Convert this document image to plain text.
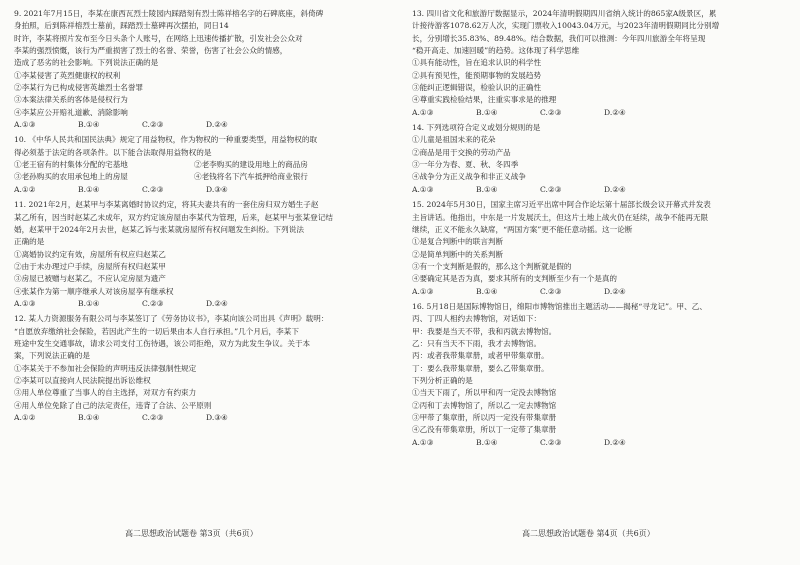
9. 2021年7月15日，李某在康西瓦烈士陵园内踩踏刻有烈士陈祥榕名字的石碑底座，斜倚碑

身拍照，后到陈祥榕烈士墓前，踩踏烈士墓碑再次摆拍，同日14

时许，李某将照片发布至今日头条个人账号，在网络上迅速传播扩散，引发社会公众对

李某的强烈愤慨，该行为严重损害了烈士的名誉、荣誉，伤害了社会公众的情感，

造成了恶劣的社会影响。下列说法正确的是

①李某侵害了英烈健康权的权利

②李某行为已构成侵害英雄烈士名誉罪

③本案法律关系的客体是侵权行为

④李某应公开赔礼道歉、消除影响

A.①③	B.①④	C.②③	D.②④

10. 《中华人民共和国民法典》规定了用益物权，作为物权的一种重要类型，用益物权的取

得必须基于法定的各项条件。以下能合法取得用益物权的是

①老王宿有的村集体分配的宅基地	②老李购买的建设用地上的商品房

③老孙购买的农用承包地上的房屋	④老钱将名下汽车抵押给商业银行

A.①②	B.①④	C.②③	D.③④

11. 2021年2月，赵某甲与李某离婚时协议约定，将其夫妻共有的一套住房归双方婚生子赵

某乙所有，因当时赵某乙未成年，双方约定该房屋由李某代为管理，后来，赵某甲与张某登记结

婚，赵某甲于2024年2月去世，赵某乙诉与张某就房屋所有权问题发生纠纷。下列说法

正确的是

①离婚协议约定有效，房屋所有权应归赵某乙

②由于未办理过户手续，房屋所有权归赵某甲

③房屋已被赠与赵某乙，不应认定房屋为遗产

④张某作为第一顺序继承人对该房屋享有继承权

A.①③	B.①④	C.②③	D.②④

12. 某人力资源服务有限公司与李某签订了《劳务协议书》，李某向该公司出具《声明》载明：

“自愿放弃缴纳社会保险，若因此产生的一切后果由本人自行承担。”几个月后，李某下

班途中发生交通事故，请求公司支付工伤待遇，该公司拒绝，双方为此发生争议。关于本

案，下列说法正确的是

①李某关于不参加社会保险的声明违反法律强制性规定

②李某可以直接向人民法院提出诉讼维权

③用人单位尊重了当事人的自主选择，对双方有约束力

④用人单位免除了自己的法定责任，违背了合法、公平原则

A.①②	B.①④	C.②③	D.③④

高二思想政治试题卷 第3页（共6页）

13. 四川省文化和旅游厅数据显示，2024年清明假期四川省纳入统计的865家A级景区，累

计接待游客1078.62万人次，实现门票收入10043.04万元，与2023年清明假期同比分别增

长，分别增长35.83%、89.48%。结合数据，我们可以推测：今年四川旅游全年将呈现

“稳开高走、加速回暖”的趋势。这体现了科学思维

①具有能动性，旨在追求认识的科学性

②具有预见性，能预期事物的发展趋势

③能纠正逻辑错误，检验认识的正确性

④尊重实践检验结果，注重实事求是的推理

A.①③	B.①④	C.②③	D.②④

14. 下列选项符合定义或划分规则的是

①儿童是祖国未来的花朵

②商品是用于交换的劳动产品

③一年分为春、夏、秋、冬四季

④战争分为正义战争和非正义战争

A.①③	B.①④	C.②③	D.②④

15. 2024年5月30日，国家主席习近平出席中阿合作论坛第十届部长级会议开幕式并发表

主旨讲话。他指出，中东是一片发展沃土，但这片土地上战火仍在延续，战争不能再无限

继续，正义不能永久缺席，“两国方案”更不能任意动摇。这一论断

①是复合判断中的联言判断

②是简单判断中的关系判断

③有一个支判断是假的，那么这个判断就是假的

④要确定其是否为真，要求其所有的支判断至少有一个是真的

A.①③	B.①④	C.②③	D.②④

16. 5月18日是国际博物馆日，绵阳市博物馆推出主题活动——揭秘“寻龙记”。甲、乙、

丙、丁四人相约去博物馆，对话如下：

甲：我要是当天不带，我和丙就去博物馆。

乙：只有当天不下雨，我才去博物馆。

丙：或者我带集章册，或者甲带集章册。

丁：要么我带集章册，要么乙带集章册。

下列分析正确的是

①当天下雨了，所以甲和丙一定没去博物馆

②丙和丁去博物馆了，所以乙一定去博物馆

③甲带了集章册，所以丙一定没有带集章册

④乙没有带集章册，所以丁一定带了集章册

A.①③	B.①④	C.②③	D.②④

高二思想政治试题卷 第4页（共6页）
